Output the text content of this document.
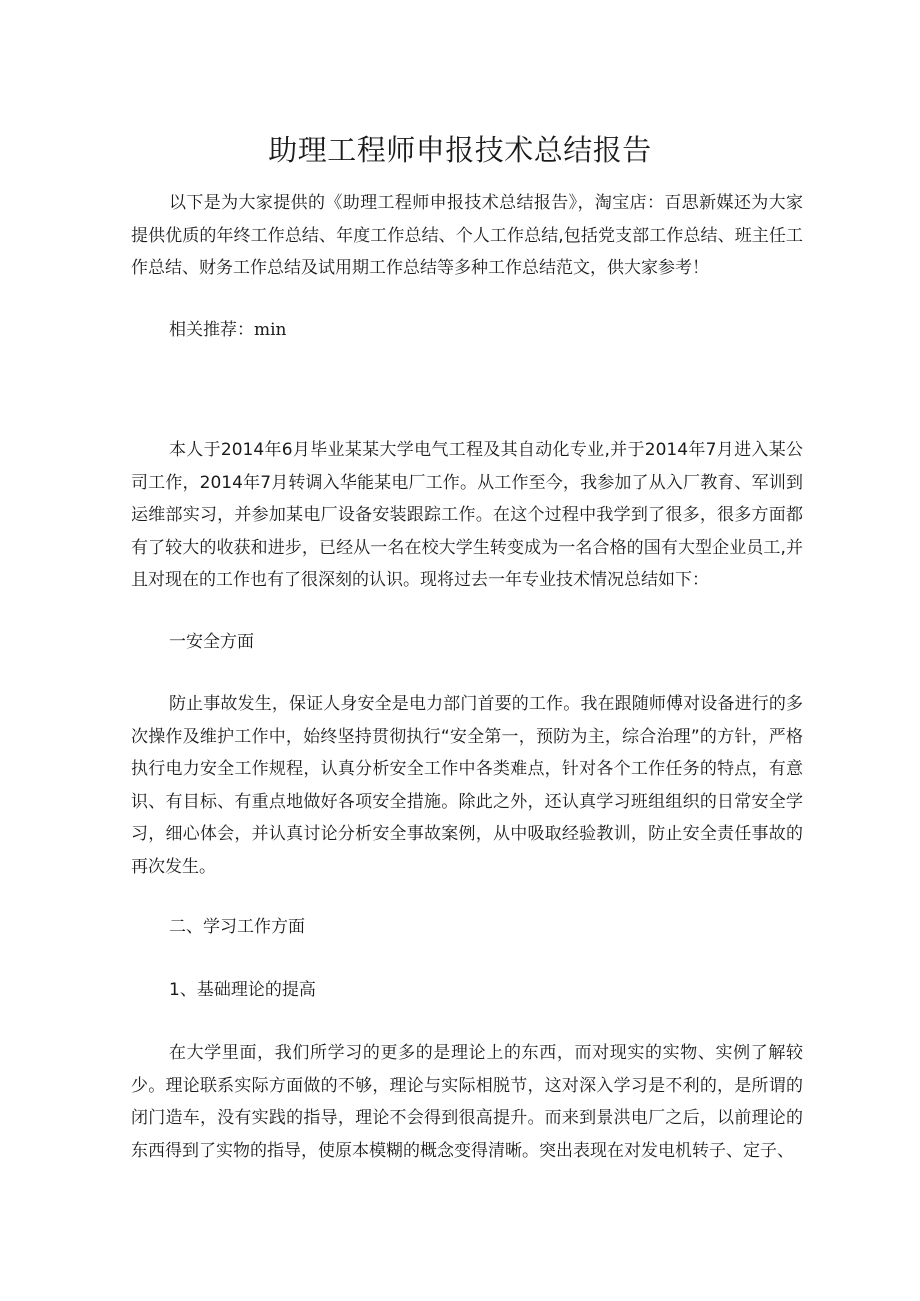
助理工程师申报技术总结报告

以下是为大家提供的《助理工程师申报技术总结报告》，淘宝店：百思新媒还为大家提供优质的年终工作总结、年度工作总结、个人工作总结,包括党支部工作总结、班主任工作总结、财务工作总结及试用期工作总结等多种工作总结范文，供大家参考！

相关推荐：min

本人于2014年6月毕业某某大学电气工程及其自动化专业,并于2014年7月进入某公司工作，2014年7月转调入华能某电厂工作。从工作至今，我参加了从入厂教育、军训到运维部实习，并参加某电厂设备安装跟踪工作。在这个过程中我学到了很多，很多方面都有了较大的收获和进步，已经从一名在校大学生转变成为一名合格的国有大型企业员工,并且对现在的工作也有了很深刻的认识。现将过去一年专业技术情况总结如下：

一安全方面

防止事故发生，保证人身安全是电力部门首要的工作。我在跟随师傅对设备进行的多次操作及维护工作中，始终坚持贯彻执行“安全第一，预防为主，综合治理”的方针，严格执行电力安全工作规程，认真分析安全工作中各类难点，针对各个工作任务的特点，有意识、有目标、有重点地做好各项安全措施。除此之外，还认真学习班组组织的日常安全学习，细心体会，并认真讨论分析安全事故案例，从中吸取经验教训，防止安全责任事故的再次发生。

二、学习工作方面

1、基础理论的提高

在大学里面，我们所学习的更多的是理论上的东西，而对现实的实物、实例了解较少。理论联系实际方面做的不够，理论与实际相脱节，这对深入学习是不利的，是所谓的闭门造车，没有实践的指导，理论不会得到很高提升。而来到景洪电厂之后，以前理论的东西得到了实物的指导，使原本模糊的概念变得清晰。突出表现在对发电机转子、定子、
